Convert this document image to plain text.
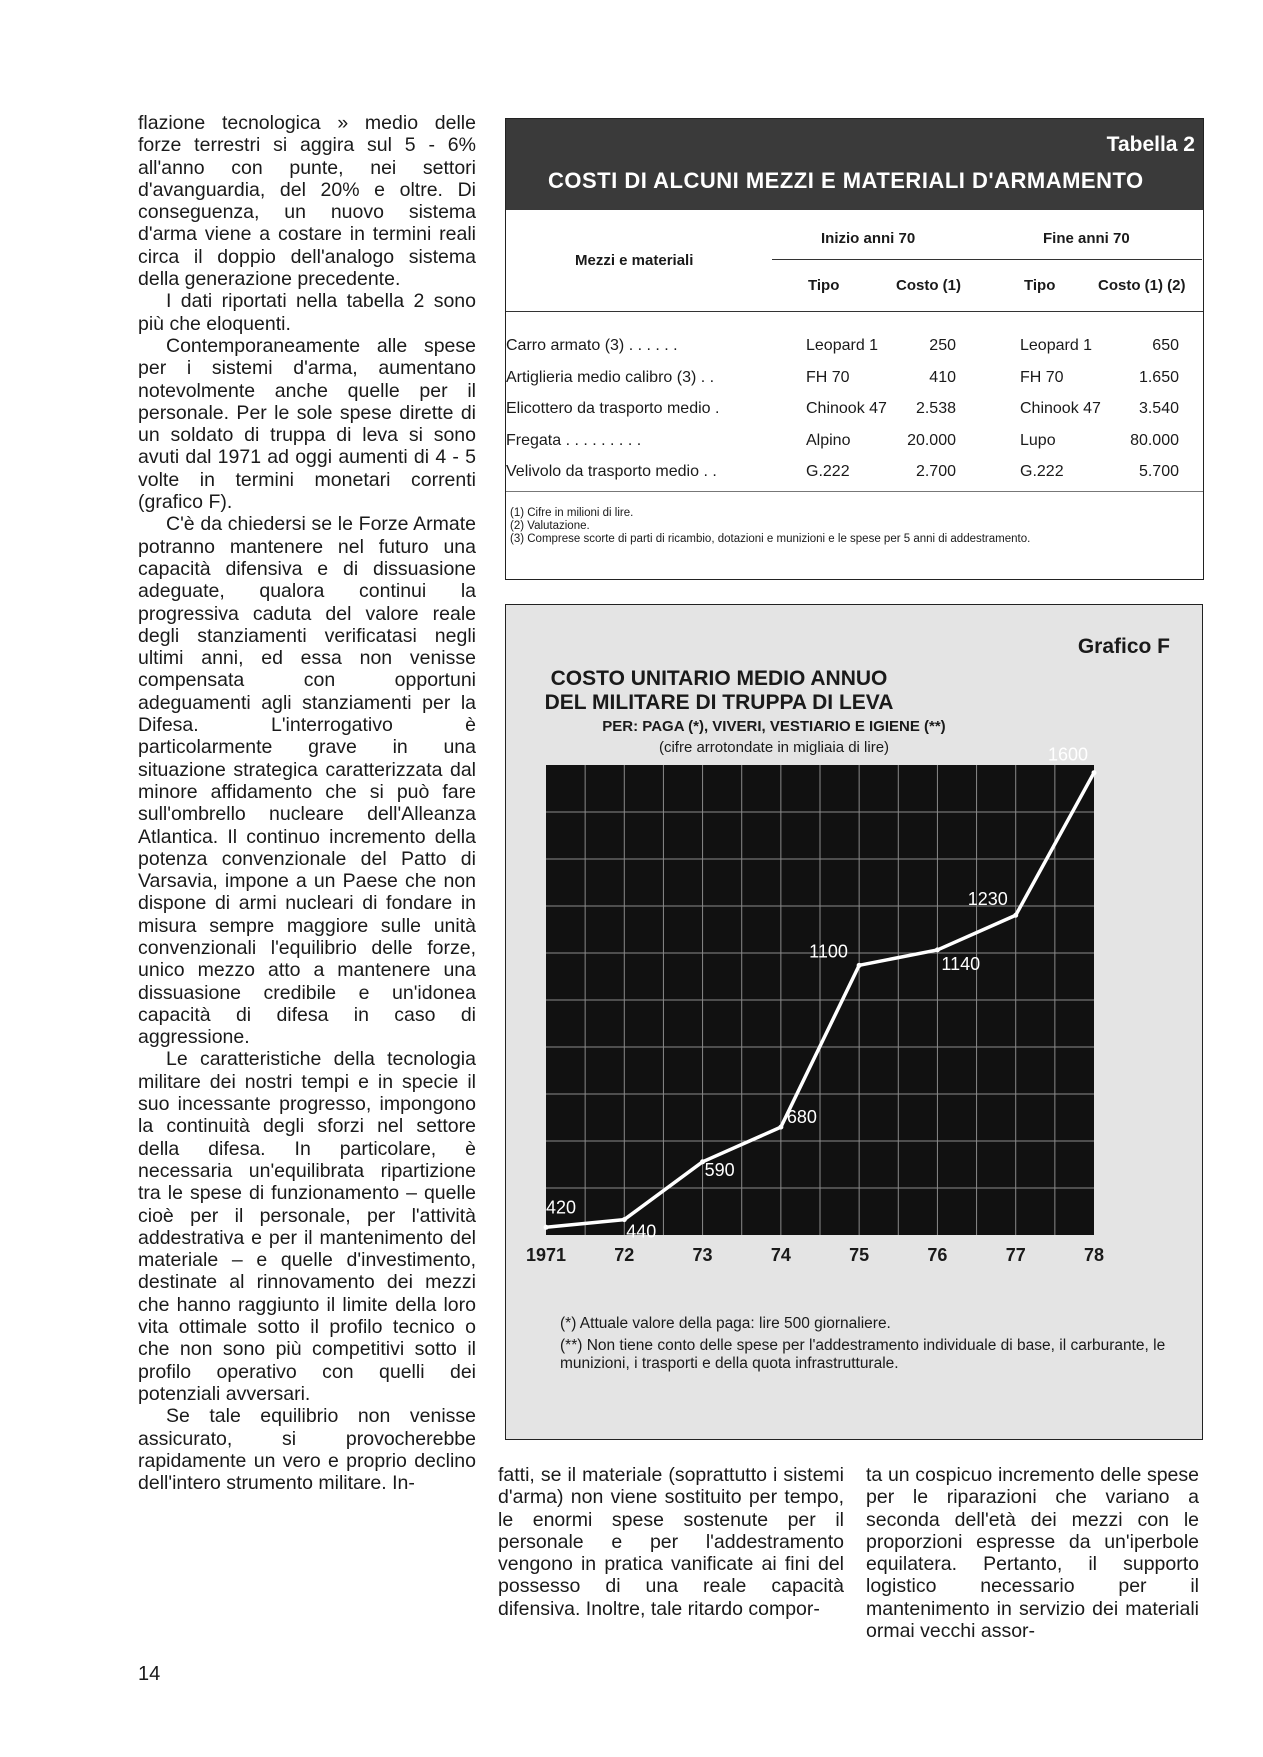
flazione tecnologica » medio delle forze terrestri si aggira sul 5 - 6% all'anno con punte, nei settori d'avanguardia, del 20% e oltre. Di conseguenza, un nuovo sistema d'arma viene a costare in termini reali circa il doppio dell'analogo sistema della generazione precedente.

I dati riportati nella tabella 2 sono più che eloquenti.

Contemporaneamente alle spese per i sistemi d'arma, aumentano notevolmente anche quelle per il personale. Per le sole spese dirette di un soldato di truppa di leva si sono avuti dal 1971 ad oggi aumenti di 4 - 5 volte in termini monetari correnti (grafico F).

C'è da chiedersi se le Forze Armate potranno mantenere nel futuro una capacità difensiva e di dissuasione adeguate, qualora continui la progressiva caduta del valore reale degli stanziamenti verificatasi negli ultimi anni, ed essa non venisse compensata con opportuni adeguamenti agli stanziamenti per la Difesa. L'interrogativo è particolarmente grave in una situazione strategica caratterizzata dal minore affidamento che si può fare sull'ombrello nucleare dell'Alleanza Atlantica. Il continuo incremento della potenza convenzionale del Patto di Varsavia, impone a un Paese che non dispone di armi nucleari di fondare in misura sempre maggiore sulle unità convenzionali l'equilibrio delle forze, unico mezzo atto a mantenere una dissuasione credibile e un'idonea capacità di difesa in caso di aggressione.

Le caratteristiche della tecnologia militare dei nostri tempi e in specie il suo incessante progresso, impongono la continuità degli sforzi nel settore della difesa. In particolare, è necessaria un'equilibrata ripartizione tra le spese di funzionamento – quelle cioè per il personale, per l'attività addestrativa e per il mantenimento del materiale – e quelle d'investimento, destinate al rinnovamento dei mezzi che hanno raggiunto il limite della loro vita ottimale sotto il profilo tecnico o che non sono più competitivi sotto il profilo operativo con quelli dei potenziali avversari.

Se tale equilibrio non venisse assicurato, si provocherebbe rapidamente un vero e proprio declino dell'intero strumento militare. In-

Tabella 2
COSTI DI ALCUNI MEZZI E MATERIALI D'ARMAMENTO
Mezzi e materiali
Inizio anni 70	Fine anni 70
Tipo	Costo (1)	Tipo	Costo (1) (2)
Carro armato (3) . . . . . .	Leopard 1	250	Leopard 1	650
Artiglieria medio calibro (3) . .	FH 70	410	FH 70	1.650
Elicottero da trasporto medio .	Chinook 47	2.538	Chinook 47	3.540
Fregata . . . . . . . . .	Alpino	20.000	Lupo	80.000
Velivolo da trasporto medio . .	G.222	2.700	G.222	5.700
(1) Cifre in milioni di lire.
(2) Valutazione.
(3) Comprese scorte di parti di ricambio, dotazioni e munizioni e le spese per 5 anni di addestramento.
Grafico F
COSTO UNITARIO MEDIO ANNUO
DEL MILITARE DI TRUPPA DI LEVA
PER: PAGA (*), VIVERI, VESTIARIO E IGIENE (**)
(cifre arrotondate in migliaia di lire)
420
440
590
680
1100
1140
1230
1600
1971	72	73	74	75	76	77	78
(*) Attuale valore della paga: lire 500 giornaliere.
(**) Non tiene conto delle spese per l'addestramento individuale di base, il carburante, le munizioni, i trasporti e della quota infrastrutturale.

fatti, se il materiale (soprattutto i sistemi d'arma) non viene sostituito per tempo, le enormi spese sostenute per il personale e per l'addestramento vengono in pratica vanificate ai fini del possesso di una reale capacità difensiva. Inoltre, tale ritardo compor-

ta un cospicuo incremento delle spese per le riparazioni che variano a seconda dell'età dei mezzi con le proporzioni espresse da un'iperbole equilatera. Pertanto, il supporto logistico necessario per il mantenimento in servizio dei materiali ormai vecchi assor-

14
